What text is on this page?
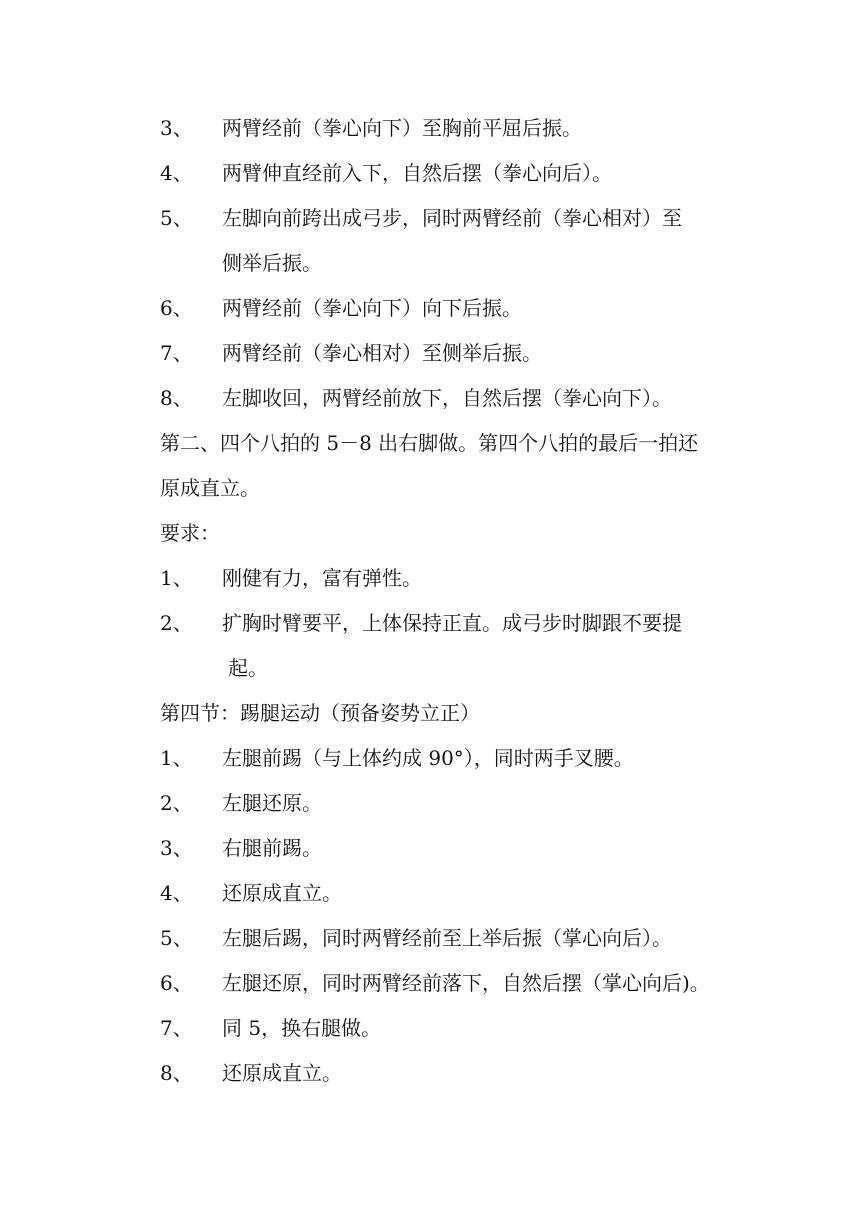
3、 两臂经前（拳心向下）至胸前平屈后振。
4、 两臂伸直经前入下，自然后摆（拳心向后）。
5、 左脚向前跨出成弓步，同时两臂经前（拳心相对）至
侧举后振。
6、 两臂经前（拳心向下）向下后振。
7、 两臂经前（拳心相对）至侧举后振。
8、 左脚收回，两臂经前放下，自然后摆（拳心向下）。
第二、四个八拍的 5－8 出右脚做。第四个八拍的最后一拍还
原成直立。
要求：
1、 刚健有力，富有弹性。
2、 扩胸时臂要平，上体保持正直。成弓步时脚跟不要提
起。
第四节：踢腿运动（预备姿势立正）
1、 左腿前踢（与上体约成 90°），同时两手叉腰。
2、 左腿还原。
3、 右腿前踢。
4、 还原成直立。
5、 左腿后踢，同时两臂经前至上举后振（掌心向后）。
6、 左腿还原，同时两臂经前落下，自然后摆（掌心向后)。
7、 同 5，换右腿做。
8、 还原成直立。
